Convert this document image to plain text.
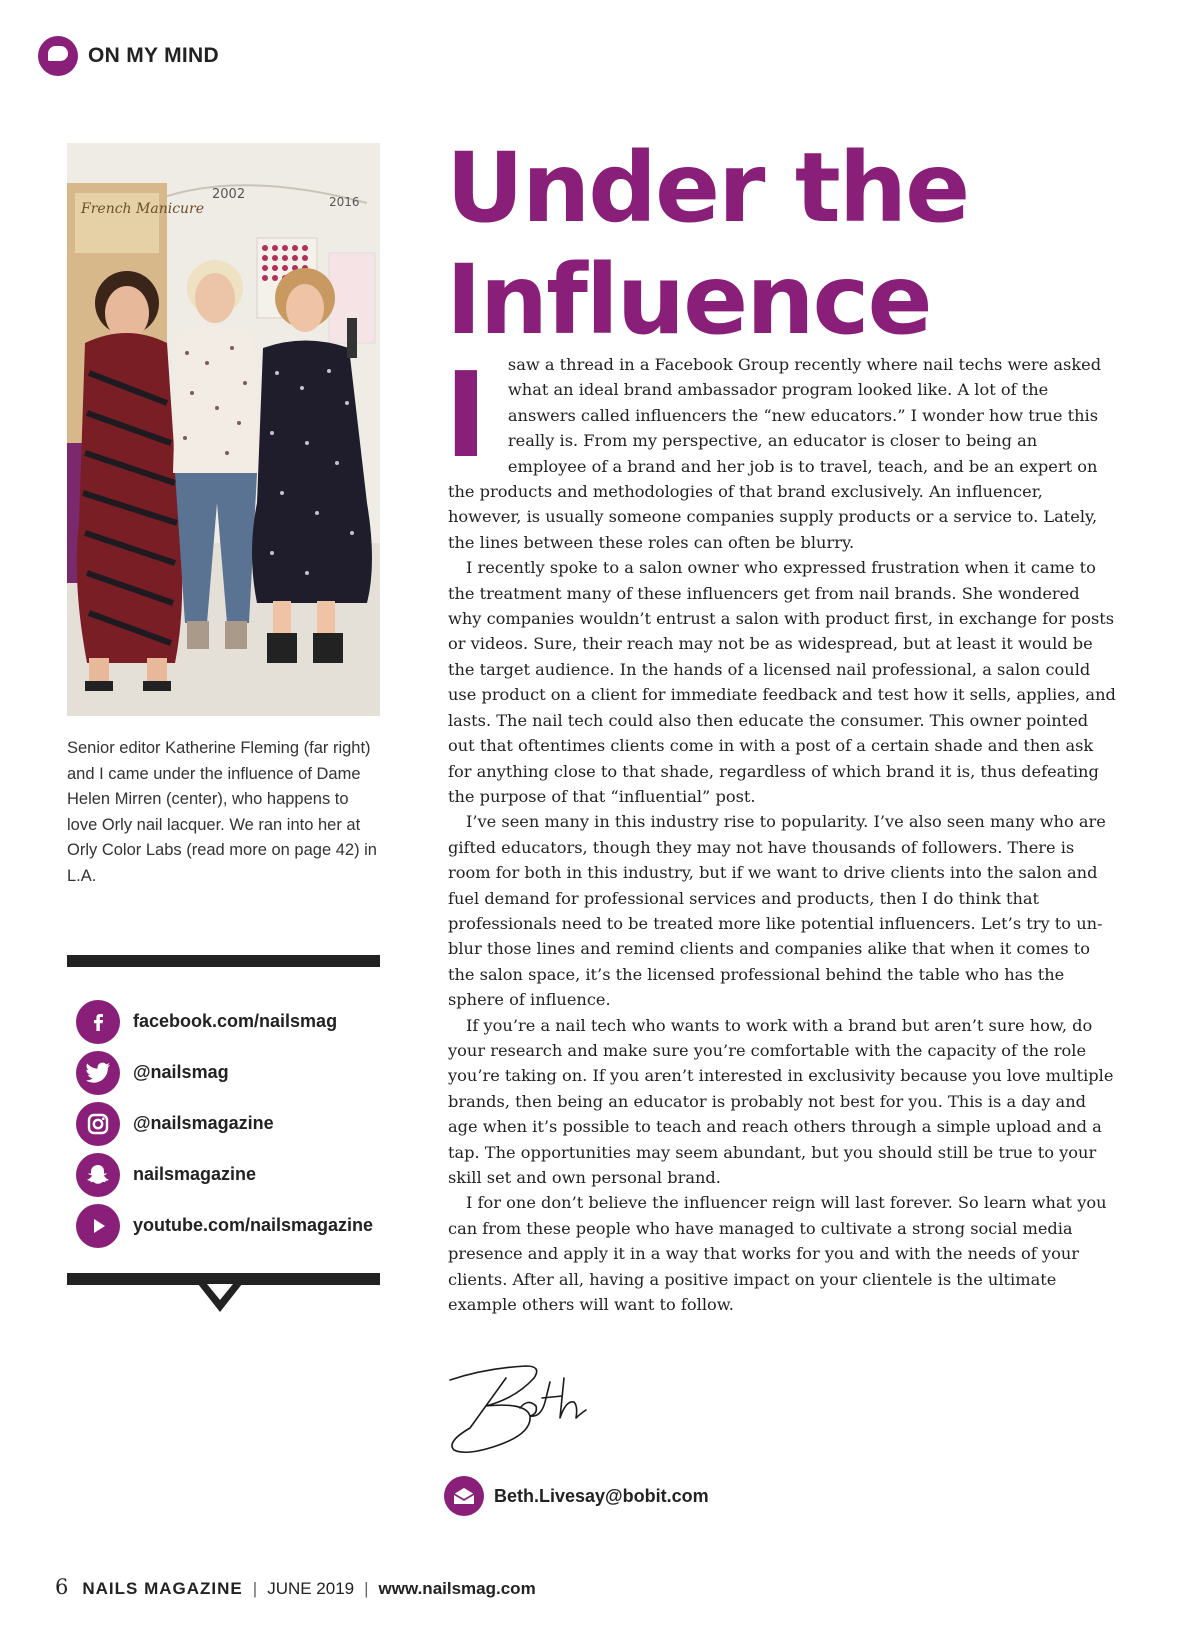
ON MY MIND
French Manicure
2002	2016
Senior editor Katherine Fleming (far right) and I came under the influence of Dame Helen Mirren (center), who happens to love Orly nail lacquer. We ran into her at Orly Color Labs (read more on page 42) in L.A.
facebook.com/nailsmag
@nailsmag
@nailsmagazine
nailsmagazine
youtube.com/nailsmagazine
Under the
Influence
I	saw a thread in a Facebook Group recently where nail techs were asked what an ideal brand ambassador program looked like. A lot of the answers called influencers the “new educators.” I wonder how true this really is. From my perspective, an educator is closer to being an employee of a brand and her job is to travel, teach, and be an expert on the products and methodologies of that brand exclusively. An influencer, however, is usually someone companies supply products or a service to. Lately, the lines between these roles can often be blurry.

I recently spoke to a salon owner who expressed frustration when it came to the treatment many of these influencers get from nail brands. She wondered why companies wouldn’t entrust a salon with product first, in exchange for posts or videos. Sure, their reach may not be as widespread, but at least it would be the target audience. In the hands of a licensed nail professional, a salon could use product on a client for immediate feedback and test how it sells, applies, and lasts. The nail tech could also then educate the consumer. This owner pointed out that oftentimes clients come in with a post of a certain shade and then ask for anything close to that shade, regardless of which brand it is, thus defeating the purpose of that “influential” post.

I’ve seen many in this industry rise to popularity. I’ve also seen many who are gifted educators, though they may not have thousands of followers. There is room for both in this industry, but if we want to drive clients into the salon and fuel demand for professional services and products, then I do think that professionals need to be treated more like potential influencers. Let’s try to un-blur those lines and remind clients and companies alike that when it comes to the salon space, it’s the licensed professional behind the table who has the sphere of influence.

If you’re a nail tech who wants to work with a brand but aren’t sure how, do your research and make sure you’re comfortable with the capacity of the role you’re taking on. If you aren’t interested in exclusivity because you love multiple brands, then being an educator is probably not best for you. This is a day and age when it’s possible to teach and reach others through a simple upload and a tap. The opportunities may seem abundant, but you should still be true to your skill set and own personal brand.

I for one don’t believe the influencer reign will last forever. So learn what you can from these people who have managed to cultivate a strong social media presence and apply it in a way that works for you and with the needs of your clients. After all, having a positive impact on your clientele is the ultimate example others will want to follow.

Beth.Livesay@bobit.com
6 NAILS MAGAZINE | JUNE 2019 | www.nailsmag.com
